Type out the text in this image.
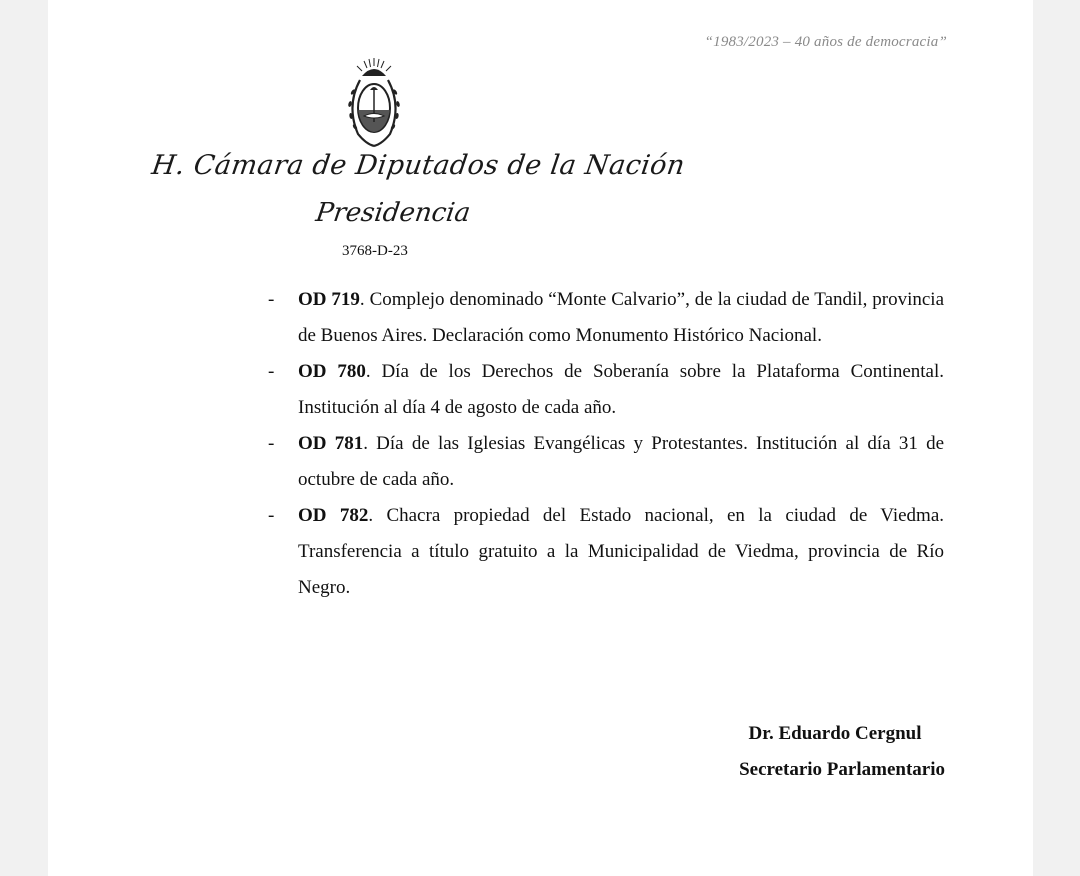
“1983/2023 – 40 años de democracia”
H. Cámara de Diputados de la Nación
Presidencia
3768-D-23
- OD 719. Complejo denominado “Monte Calvario”, de la ciudad de Tandil, provincia de Buenos Aires. Declaración como Monumento Histórico Nacional.
- OD 780. Día de los Derechos de Soberanía sobre la Plataforma Continental. Institución al día 4 de agosto de cada año.
- OD 781. Día de las Iglesias Evangélicas y Protestantes. Institución al día 31 de octubre de cada año.
- OD 782. Chacra propiedad del Estado nacional, en la ciudad de Viedma. Transferencia a título gratuito a la Municipalidad de Viedma, provincia de Río Negro.
Dr. Eduardo Cergnul
Secretario Parlamentario
